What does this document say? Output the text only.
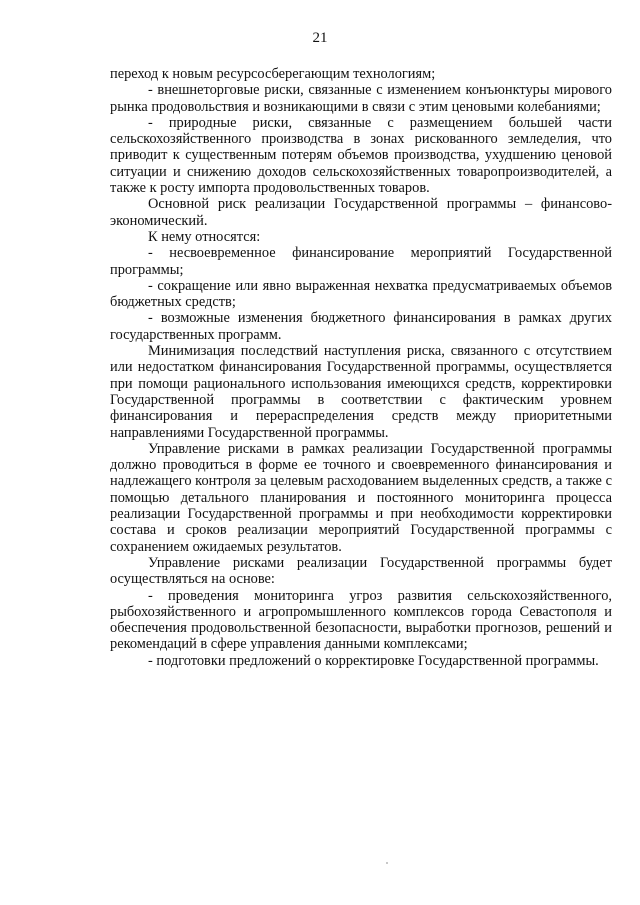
21

переход к новым ресурсосберегающим технологиям;

- внешнеторговые риски, связанные с изменением конъюнктуры мирового рынка продовольствия и возникающими в связи с этим ценовыми колебаниями;

- природные риски, связанные с размещением большей части сельскохозяйственного производства в зонах рискованного земледелия, что приводит к существенным потерям объемов производства, ухудшению ценовой ситуации и снижению доходов сельскохозяйственных товаропроизводителей, а также к росту импорта продовольственных товаров.

Основной риск реализации Государственной программы – финансово-экономический.

К нему относятся:

- несвоевременное финансирование мероприятий Государственной программы;

- сокращение или явно выраженная нехватка предусматриваемых объемов бюджетных средств;

- возможные изменения бюджетного финансирования в рамках других государственных программ.

Минимизация последствий наступления риска, связанного с отсутствием или недостатком финансирования Государственной программы, осуществляется при помощи рационального использования имеющихся средств, корректировки Государственной программы в соответствии с фактическим уровнем финансирования и перераспределения средств между приоритетными направлениями Государственной программы.

Управление рисками в рамках реализации Государственной программы должно проводиться в форме ее точного и своевременного финансирования и надлежащего контроля за целевым расходованием выделенных средств, а также с помощью детального планирования и постоянного мониторинга процесса реализации Государственной программы и при необходимости корректировки состава и сроков реализации мероприятий Государственной программы с сохранением ожидаемых результатов.

Управление рисками реализации Государственной программы будет осуществляться на основе:

- проведения мониторинга угроз развития сельскохозяйственного, рыбохозяйственного и агропромышленного комплексов города Севастополя и обеспечения продовольственной безопасности, выработки прогнозов, решений и рекомендаций в сфере управления данными комплексами;

- подготовки предложений о корректировке Государственной программы.
